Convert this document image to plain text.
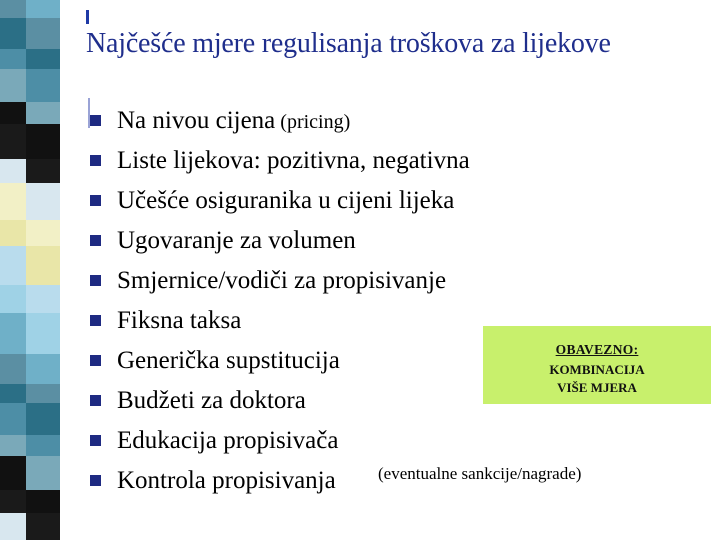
Najčešće mjere regulisanja troškova za lijekove
Na nivou cijena (pricing)
Liste lijekova: pozitivna, negativna
Učešće osiguranika u cijeni lijeka
Ugovaranje za volumen
Smjernice/vodiči za propisivanje
Fiksna taksa
Generička supstitucija
Budžeti za doktora
Edukacija propisivača
Kontrola propisivanja (eventualne sankcije/nagrade)
OBAVEZNO:
KOMBINACIJA
VIŠE MJERA
